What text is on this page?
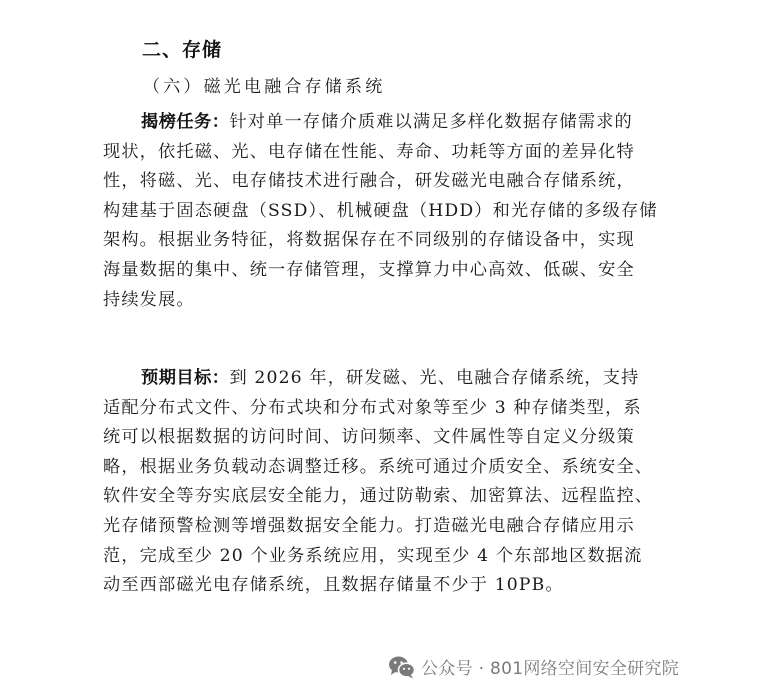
二、存储
（六）磁光电融合存储系统
揭榜任务：针对单一存储介质难以满足多样化数据存储需求的
现状，依托磁、光、电存储在性能、寿命、功耗等方面的差异化特
性，将磁、光、电存储技术进行融合，研发磁光电融合存储系统，
构建基于固态硬盘（SSD）、机械硬盘（HDD）和光存储的多级存储
架构。根据业务特征，将数据保存在不同级别的存储设备中，实现
海量数据的集中、统一存储管理，支撑算力中心高效、低碳、安全
持续发展。
预期目标：到 2026 年，研发磁、光、电融合存储系统，支持
适配分布式文件、分布式块和分布式对象等至少 3 种存储类型，系
统可以根据数据的访问时间、访问频率、文件属性等自定义分级策
略，根据业务负载动态调整迁移。系统可通过介质安全、系统安全、
软件安全等夯实底层安全能力，通过防勒索、加密算法、远程监控、
光存储预警检测等增强数据安全能力。打造磁光电融合存储应用示
范，完成至少 20 个业务系统应用，实现至少 4 个东部地区数据流
动至西部磁光电存储系统，且数据存储量不少于 10PB。
公众号 · 801网络空间安全研究院
